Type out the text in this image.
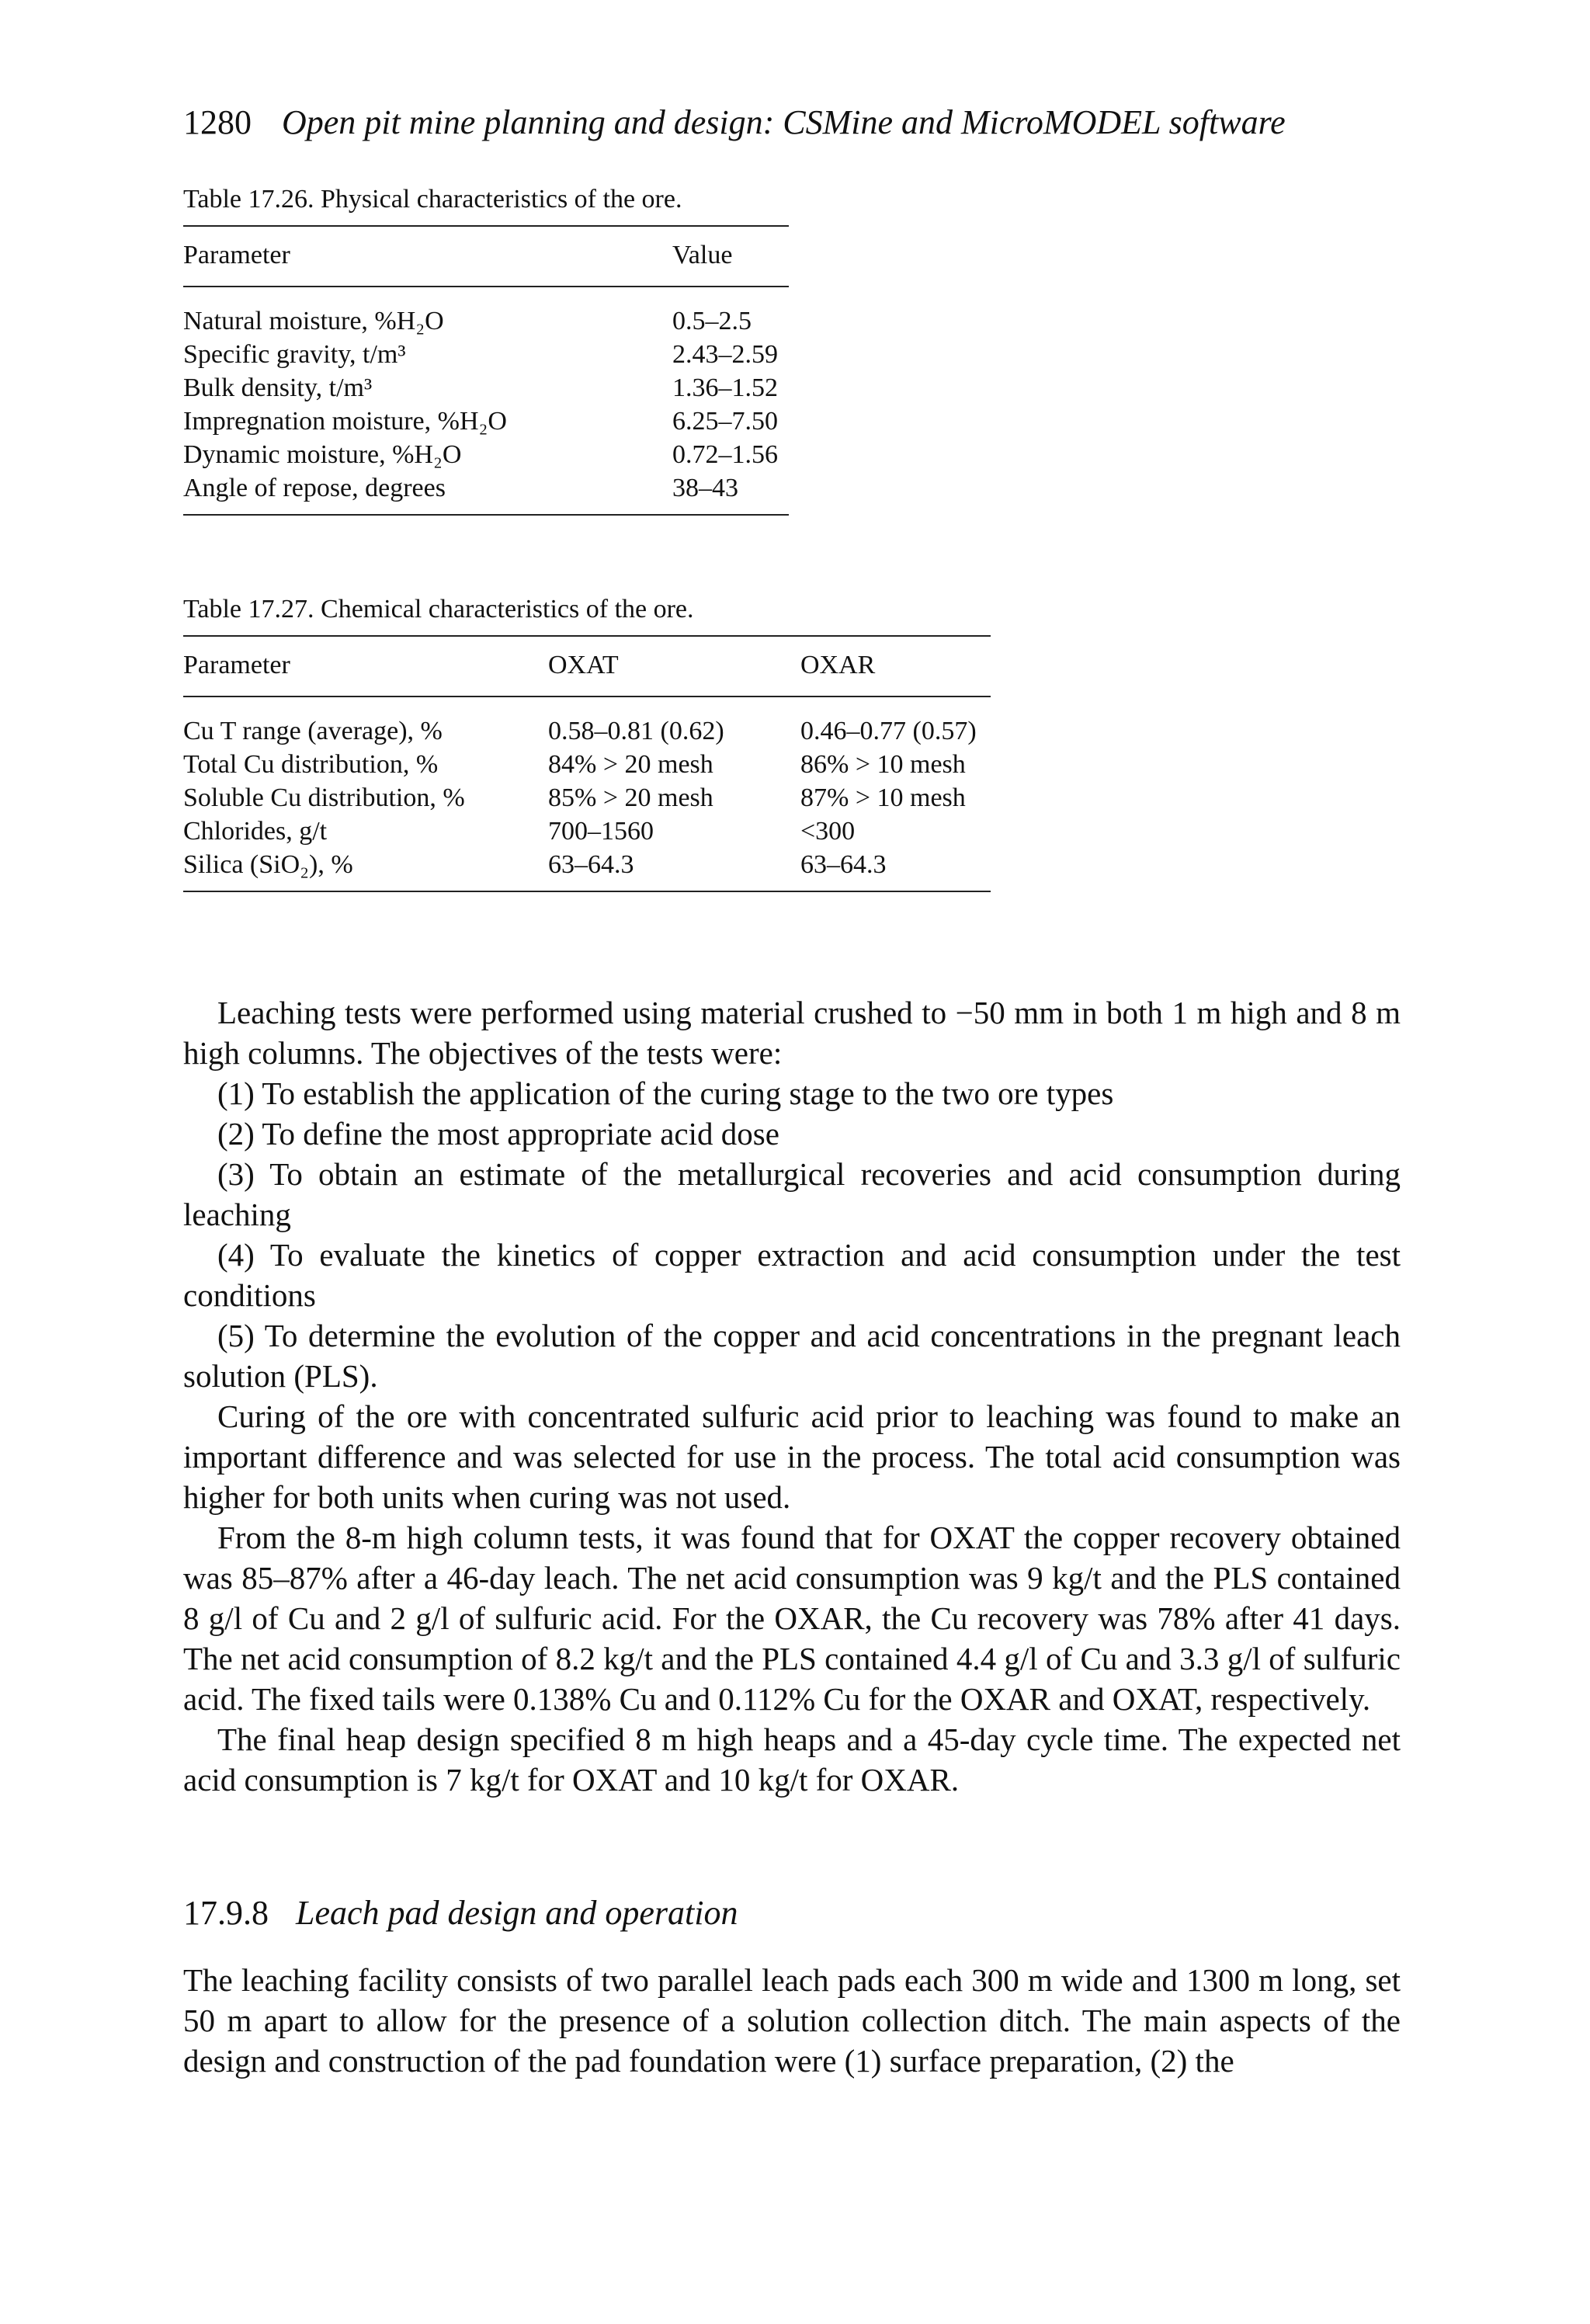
1280 Open pit mine planning and design: CSMine and MicroMODEL software
Table 17.26. Physical characteristics of the ore.
Parameter	Value
Natural moisture, %H₂O	0.5–2.5
Specific gravity, t/m³	2.43–2.59
Bulk density, t/m³	1.36–1.52
Impregnation moisture, %H₂O	6.25–7.50
Dynamic moisture, %H₂O	0.72–1.56
Angle of repose, degrees	38–43
Table 17.27. Chemical characteristics of the ore.
Parameter	OXAT	OXAR
Cu T range (average), %	0.58–0.81 (0.62)	0.46–0.77 (0.57)
Total Cu distribution, %	84% > 20 mesh	86% > 10 mesh
Soluble Cu distribution, %	85% > 20 mesh	87% > 10 mesh
Chlorides, g/t	700–1560	<300
Silica (SiO₂), %	63–64.3	63–64.3

Leaching tests were performed using material crushed to −50 mm in both 1 m high and 8 m high columns. The objectives of the tests were:

(1) To establish the application of the curing stage to the two ore types

(2) To define the most appropriate acid dose

(3) To obtain an estimate of the metallurgical recoveries and acid consumption during leaching

(4) To evaluate the kinetics of copper extraction and acid consumption under the test conditions

(5) To determine the evolution of the copper and acid concentrations in the pregnant leach solution (PLS).

Curing of the ore with concentrated sulfuric acid prior to leaching was found to make an important difference and was selected for use in the process. The total acid consumption was higher for both units when curing was not used.

From the 8-m high column tests, it was found that for OXAT the copper recovery obtained was 85–87% after a 46-day leach. The net acid consumption was 9 kg/t and the PLS contained 8 g/l of Cu and 2 g/l of sulfuric acid. For the OXAR, the Cu recovery was 78% after 41 days. The net acid consumption of 8.2 kg/t and the PLS contained 4.4 g/l of Cu and 3.3 g/l of sulfuric acid. The fixed tails were 0.138% Cu and 0.112% Cu for the OXAR and OXAT, respectively.

The final heap design specified 8 m high heaps and a 45-day cycle time. The expected net acid consumption is 7 kg/t for OXAT and 10 kg/t for OXAR.

17.9.8 Leach pad design and operation

The leaching facility consists of two parallel leach pads each 300 m wide and 1300 m long, set 50 m apart to allow for the presence of a solution collection ditch. The main aspects of the design and construction of the pad foundation were (1) surface preparation, (2) the
